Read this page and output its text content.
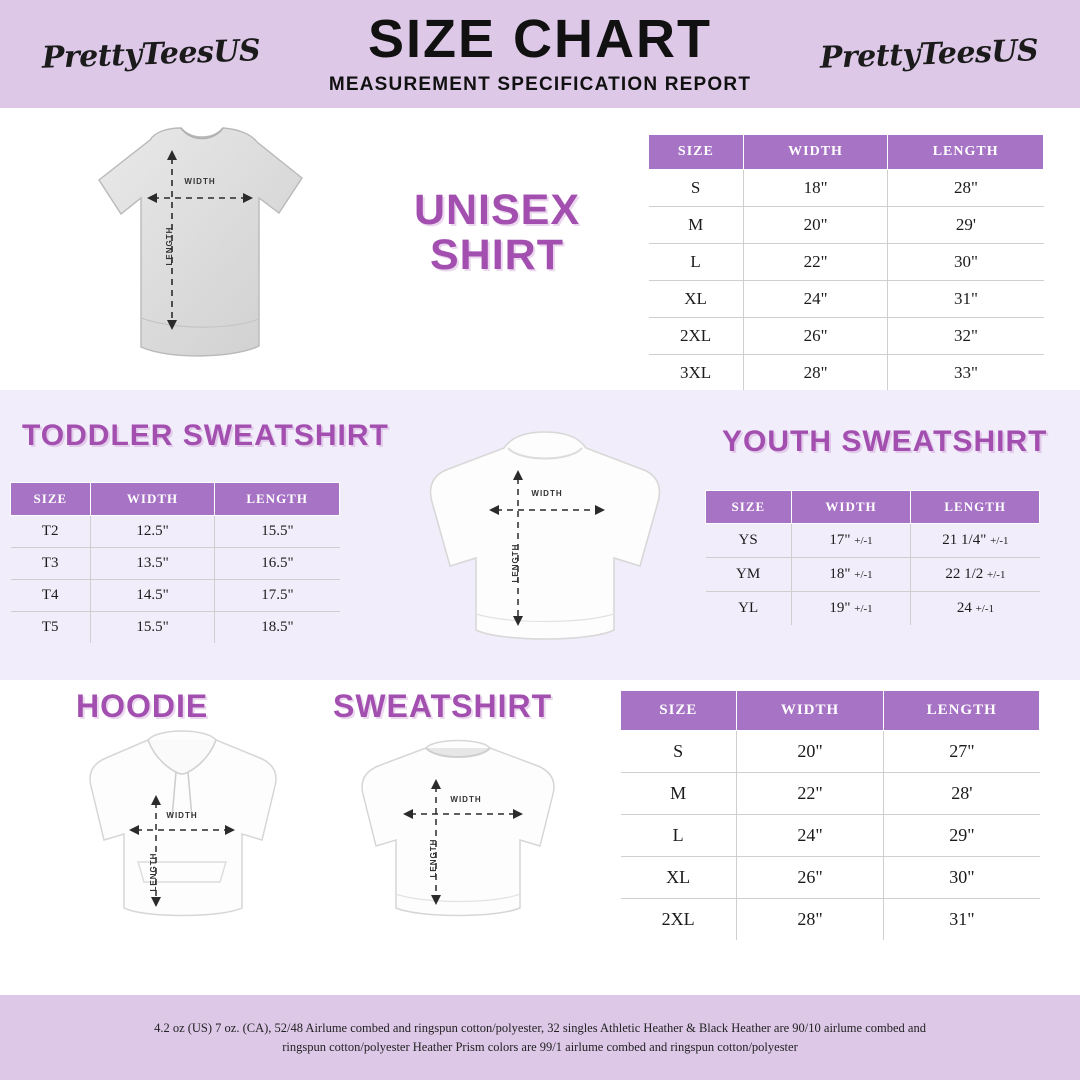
PrettyTeesUS	SIZE CHART
MEASUREMENT SPECIFICATION REPORT
PrettyTeesUS
WIDTH
LENGTH
UNISEX
SHIRT
SIZE	WIDTH	LENGTH
S	18"	28"
M	20"	29'
L	22"	30"
XL	24"	31"
2XL	26"	32"
3XL	28"	33"
TODDLER SWEATSHIRT
SIZE	WIDTH	LENGTH
T2	12.5"	15.5"
T3	13.5"	16.5"
T4	14.5"	17.5"
T5	15.5"	18.5"
WIDTH
LENGTH
YOUTH SWEATSHIRT
SIZE	WIDTH	LENGTH
YS	17" +/-1	21 1/4" +/-1
YM	18" +/-1	22 1/2 +/-1
YL	19" +/-1	24 +/-1
HOODIE
WIDTH
LENGTH
SWEATSHIRT
WIDTH
LENGTH
SIZE	WIDTH	LENGTH
S	20"	27"
M	22"	28'
L	24"	29"
XL	26"	30"
2XL	28"	31"

4.2 oz (US) 7 oz. (CA), 52/48 Airlume combed and ringspun cotton/polyester, 32 singles Athletic Heather & Black Heather are 90/10 airlume combed and

ringspun cotton/polyester Heather Prism colors are 99/1 airlume combed and ringspun cotton/polyester
